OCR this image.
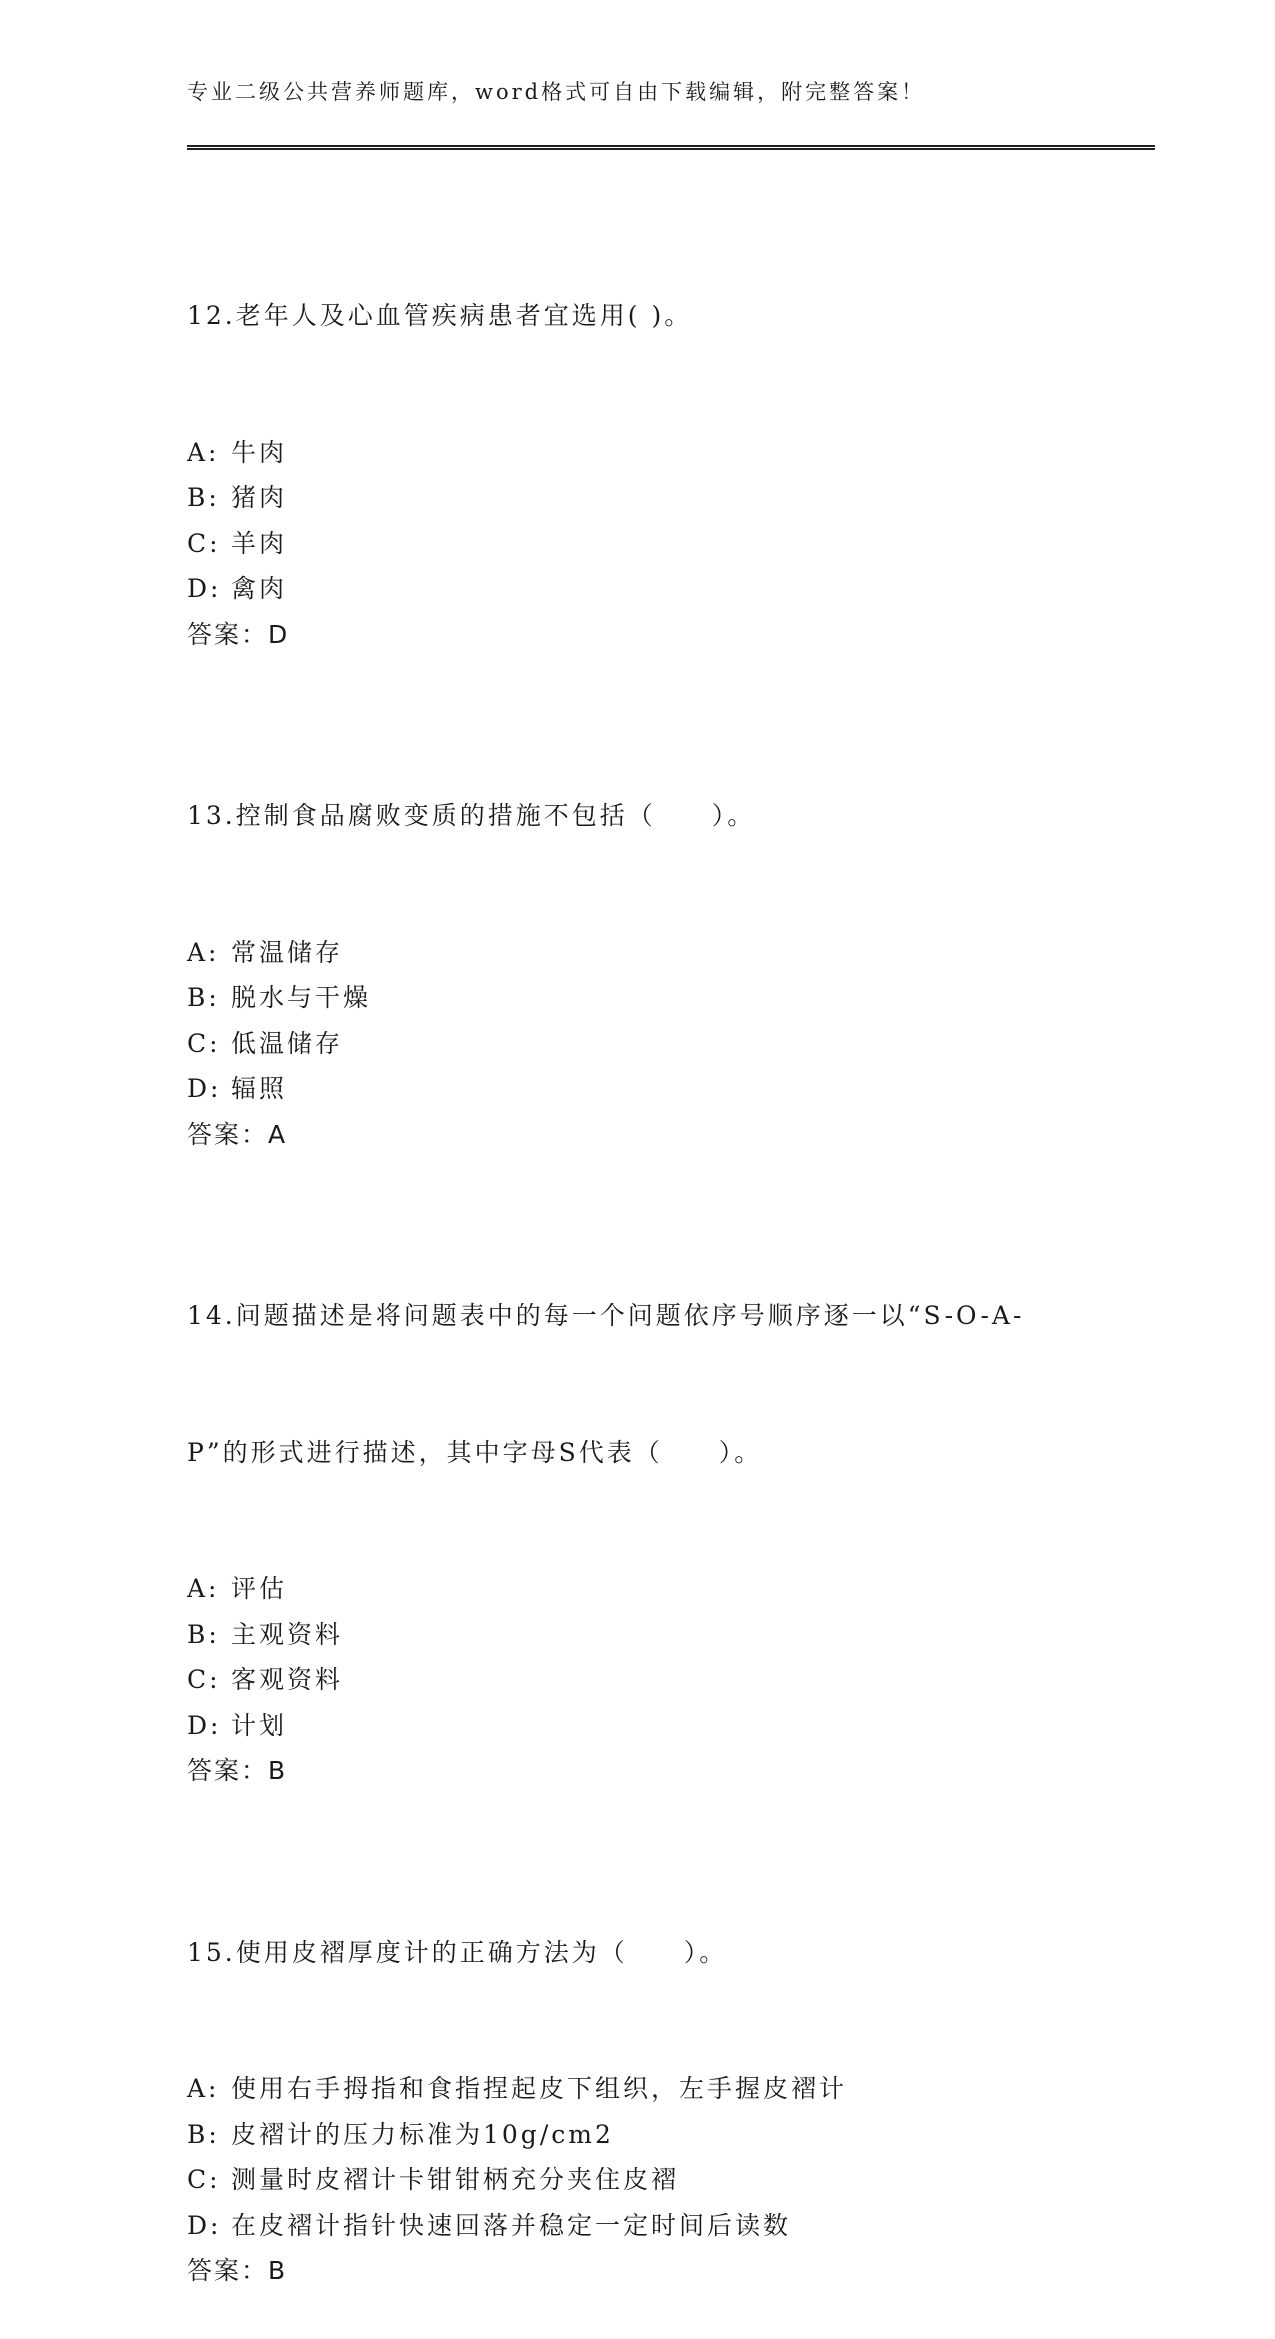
专业二级公共营养师题库，word格式可自由下载编辑，附完整答案！

12.老年人及心血管疾病患者宜选用( )。

A: 牛肉
B: 猪肉
C: 羊肉
D: 禽肉
答案：D

13.控制食品腐败变质的措施不包括（　　）。

A: 常温储存
B: 脱水与干燥
C: 低温储存
D: 辐照
答案：A

14.问题描述是将问题表中的每一个问题依序号顺序逐一以“S-O-A-

P”的形式进行描述，其中字母S代表（　　）。

A: 评估
B: 主观资料
C: 客观资料
D: 计划
答案：B

15.使用皮褶厚度计的正确方法为（　　）。

A: 使用右手拇指和食指捏起皮下组织，左手握皮褶计
B: 皮褶计的压力标准为10g/cm2
C: 测量时皮褶计卡钳钳柄充分夹住皮褶
D: 在皮褶计指针快速回落并稳定一定时间后读数
答案：B
